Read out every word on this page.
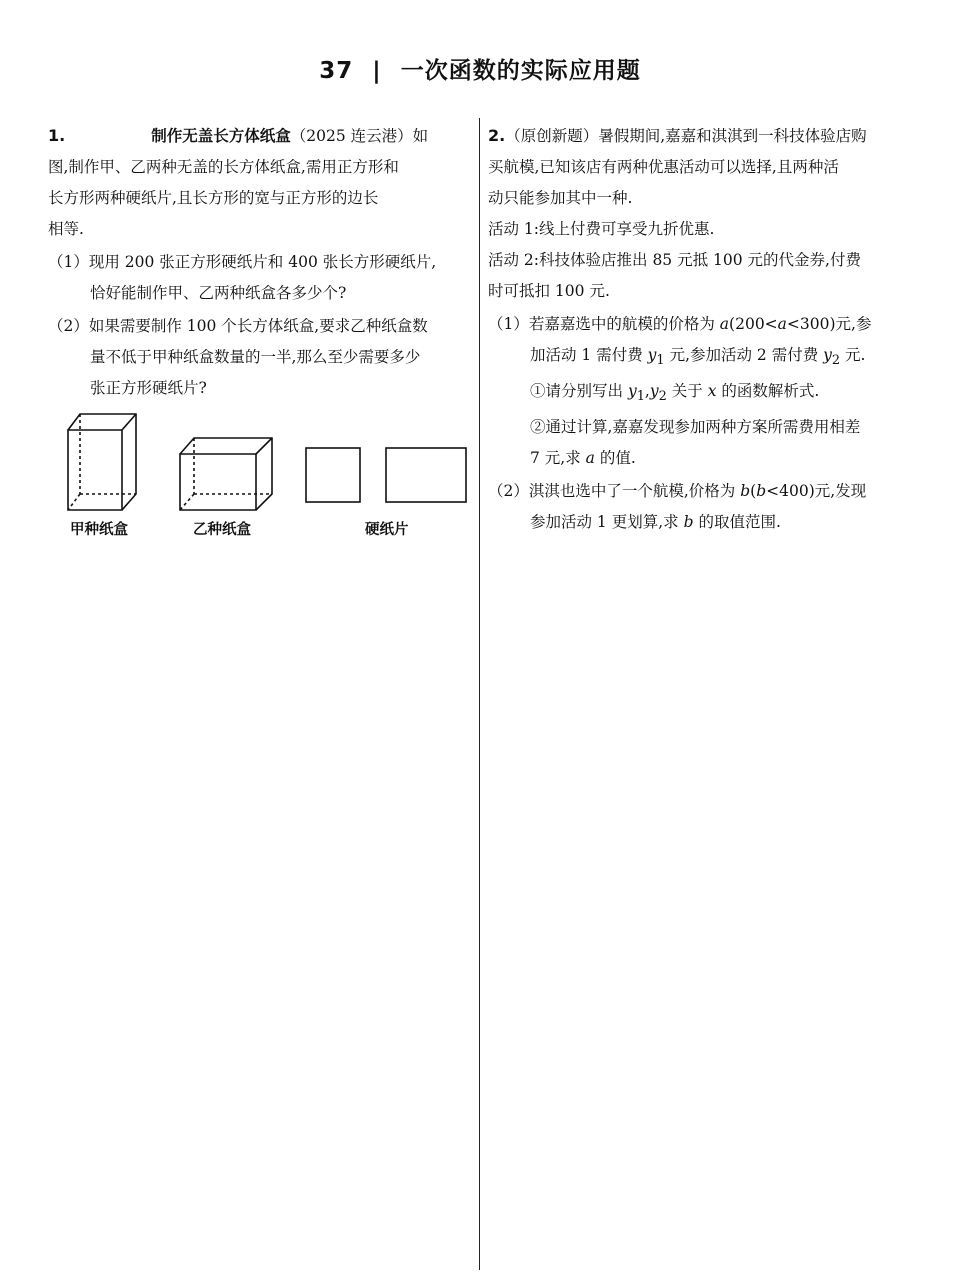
37 | 一次函数的实际应用题

1.	制作无盖长方体纸盒（2025 连云港）如

图,制作甲、乙两种无盖的长方体纸盒,需用正方形和

长方形两种硬纸片,且长方形的宽与正方形的边长

相等.

（1）现用 200 张正方形硬纸片和 400 张长方形硬纸片,

恰好能制作甲、乙两种纸盒各多少个?

（2）如果需要制作 100 个长方体纸盒,要求乙种纸盒数

量不低于甲种纸盒数量的一半,那么至少需要多少

张正方形硬纸片?

甲种纸盒	乙种纸盒	硬纸片

2.（原创新题）暑假期间,嘉嘉和淇淇到一科技体验店购

买航模,已知该店有两种优惠活动可以选择,且两种活

动只能参加其中一种.

活动 1:线上付费可享受九折优惠.

活动 2:科技体验店推出 85 元抵 100 元的代金券,付费

时可抵扣 100 元.

（1）若嘉嘉选中的航模的价格为 a(200<a<300)元,参

加活动 1 需付费 $y_1$ 元,参加活动 2 需付费 $y_2$ 元.

①请分别写出 $y_1,y_2$ 关于 x 的函数解析式.

②通过计算,嘉嘉发现参加两种方案所需费用相差

7 元,求 a 的值.

（2）淇淇也选中了一个航模,价格为 b(b<400)元,发现

参加活动 1 更划算,求 b 的取值范围.
